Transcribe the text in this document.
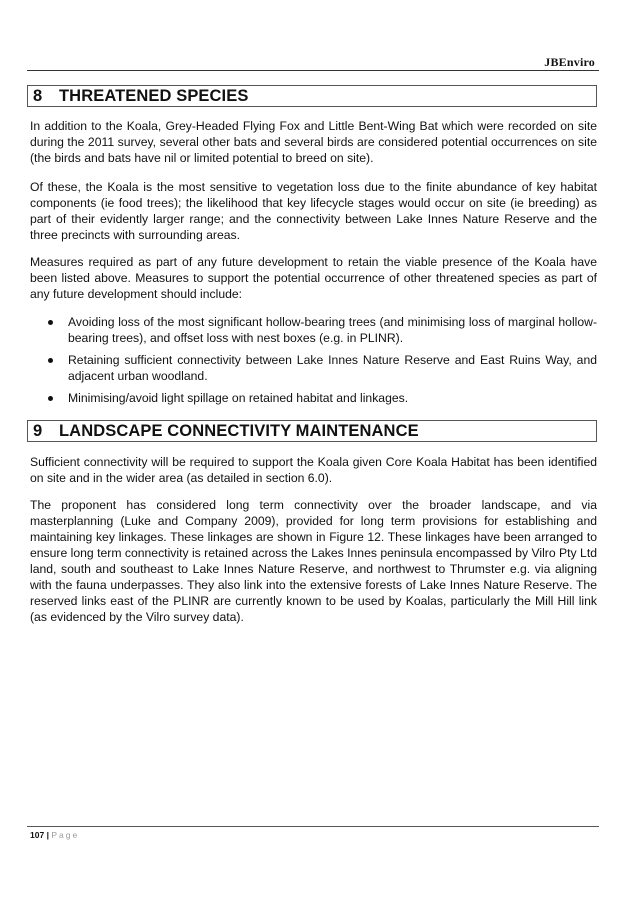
JBEnviro
8	THREATENED SPECIES

In addition to the Koala, Grey-Headed Flying Fox and Little Bent-Wing Bat which were recorded on site during the 2011 survey, several other bats and several birds are considered potential occurrences on site (the birds and bats have nil or limited potential to breed on site).

Of these, the Koala is the most sensitive to vegetation loss due to the finite abundance of key habitat components (ie food trees); the likelihood that key lifecycle stages would occur on site (ie breeding) as part of their evidently larger range; and the connectivity between Lake Innes Nature Reserve and the three precincts with surrounding areas.

Measures required as part of any future development to retain the viable presence of the Koala have been listed above. Measures to support the potential occurrence of other threatened species as part of any future development should include:

Avoiding loss of the most significant hollow-bearing trees (and minimising loss of marginal hollow-bearing trees), and offset loss with nest boxes (e.g. in PLINR).
Retaining sufficient connectivity between Lake Innes Nature Reserve and East Ruins Way, and adjacent urban woodland.
Minimising/avoid light spillage on retained habitat and linkages.
9	LANDSCAPE CONNECTIVITY MAINTENANCE

Sufficient connectivity will be required to support the Koala given Core Koala Habitat has been identified on site and in the wider area (as detailed in section 6.0).

The proponent has considered long term connectivity over the broader landscape, and via masterplanning (Luke and Company 2009), provided for long term provisions for establishing and maintaining key linkages. These linkages are shown in Figure 12. These linkages have been arranged to ensure long term connectivity is retained across the Lakes Innes peninsula encompassed by Vilro Pty Ltd land, south and southeast to Lake Innes Nature Reserve, and northwest to Thrumster e.g. via aligning with the fauna underpasses. They also link into the extensive forests of Lake Innes Nature Reserve. The reserved links east of the PLINR are currently known to be used by Koalas, particularly the Mill Hill link (as evidenced by the Vilro survey data).

107 | Page
